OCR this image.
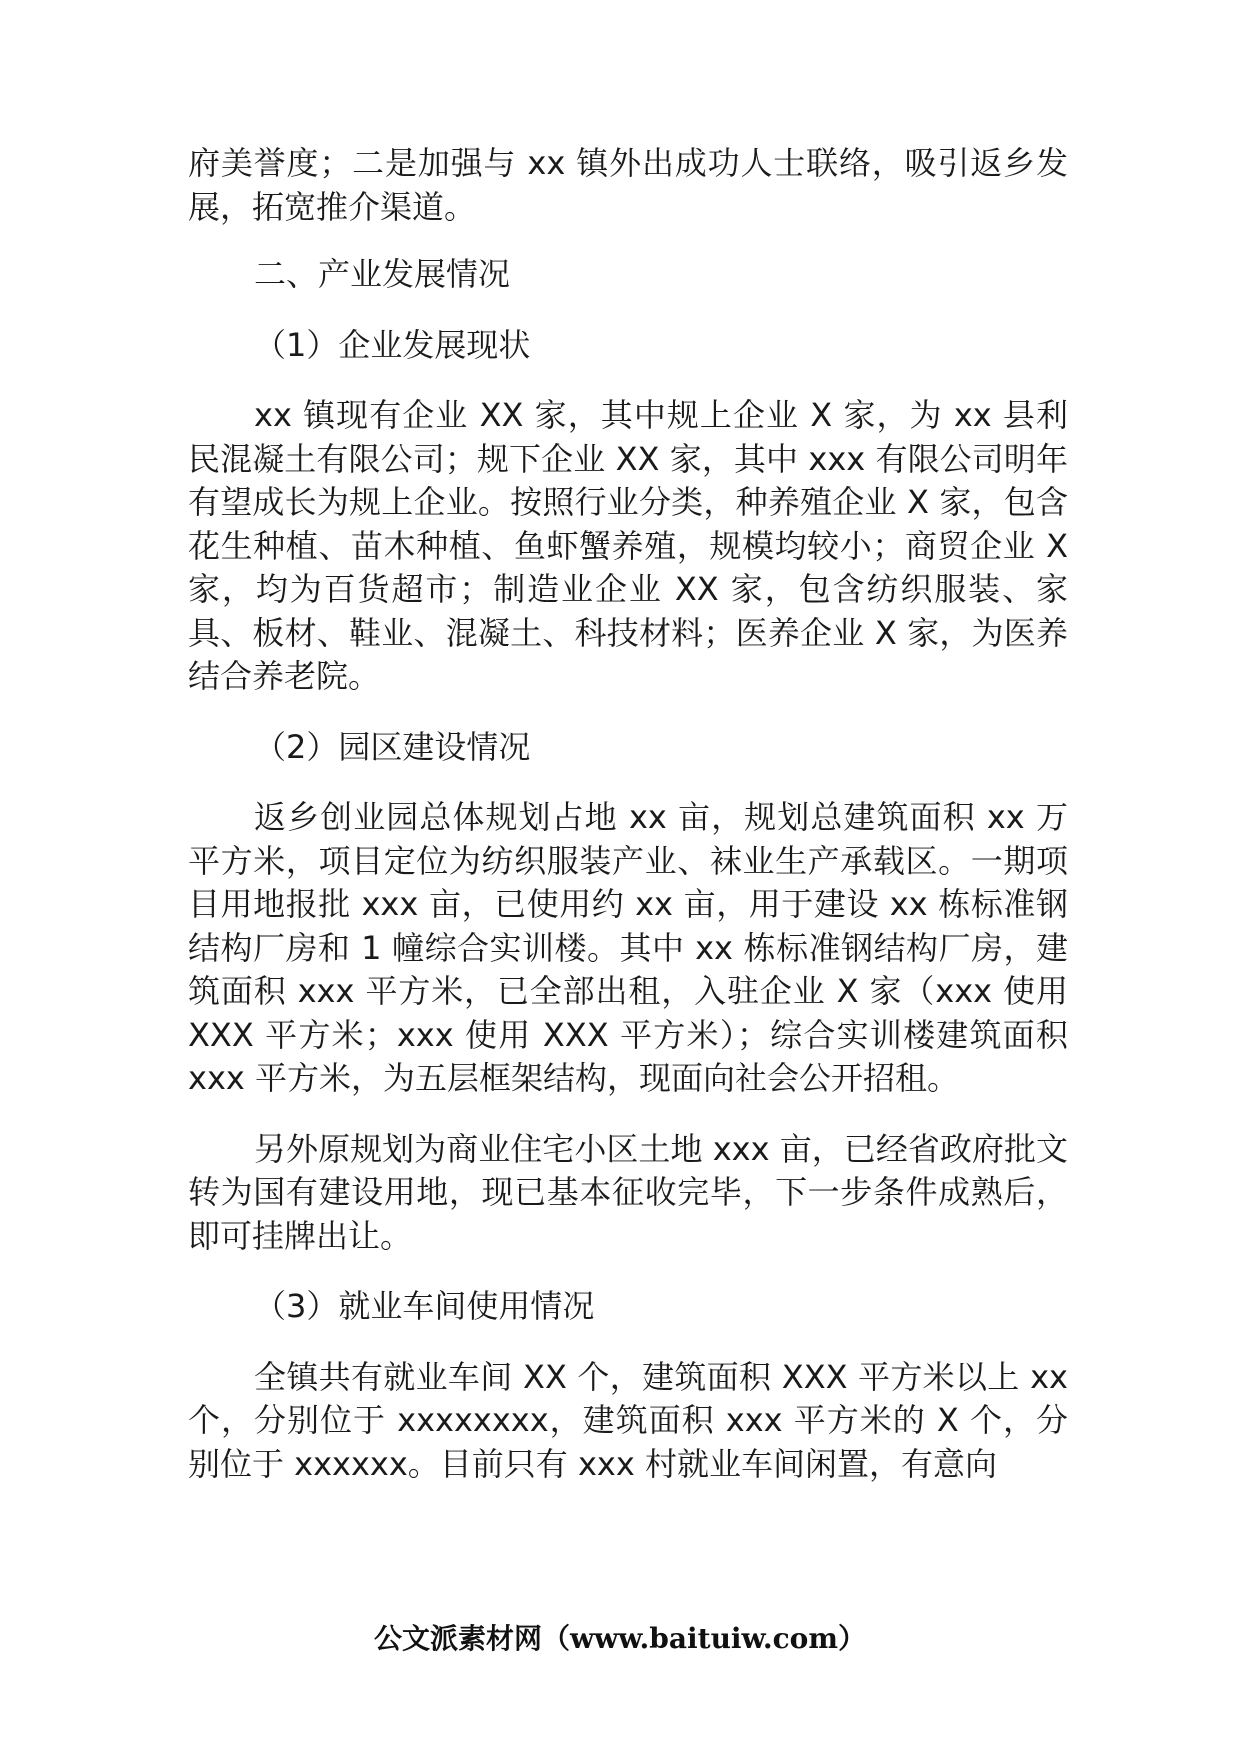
府美誉度；二是加强与 xx 镇外出成功人士联络，吸引返乡发展，拓宽推介渠道。

二、产业发展情况

（1）企业发展现状

xx 镇现有企业 XX 家，其中规上企业 X 家，为 xx 县利民混凝土有限公司；规下企业 XX 家，其中 xxx 有限公司明年有望成长为规上企业。按照行业分类，种养殖企业 X 家，包含花生种植、苗木种植、鱼虾蟹养殖，规模均较小；商贸企业 X 家，均为百货超市；制造业企业 XX 家，包含纺织服装、家具、板材、鞋业、混凝土、科技材料；医养企业 X 家，为医养结合养老院。

（2）园区建设情况

返乡创业园总体规划占地 xx 亩，规划总建筑面积 xx 万平方米，项目定位为纺织服装产业、袜业生产承载区。一期项目用地报批 xxx 亩，已使用约 xx 亩，用于建设 xx 栋标准钢结构厂房和 1 幢综合实训楼。其中 xx 栋标准钢结构厂房，建筑面积 xxx 平方米，已全部出租，入驻企业 X 家（xxx 使用 XXX 平方米；xxx 使用 XXX 平方米）；综合实训楼建筑面积 xxx 平方米，为五层框架结构，现面向社会公开招租。

另外原规划为商业住宅小区土地 xxx 亩，已经省政府批文转为国有建设用地，现已基本征收完毕，下一步条件成熟后，即可挂牌出让。

（3）就业车间使用情况

全镇共有就业车间 XX 个，建筑面积 XXX 平方米以上 xx 个，分别位于 xxxxxxxx，建筑面积 xxx 平方米的 X 个，分别位于 xxxxxx。目前只有 xxx 村就业车间闲置，有意向

公文派素材网（www.baituiw.com）
